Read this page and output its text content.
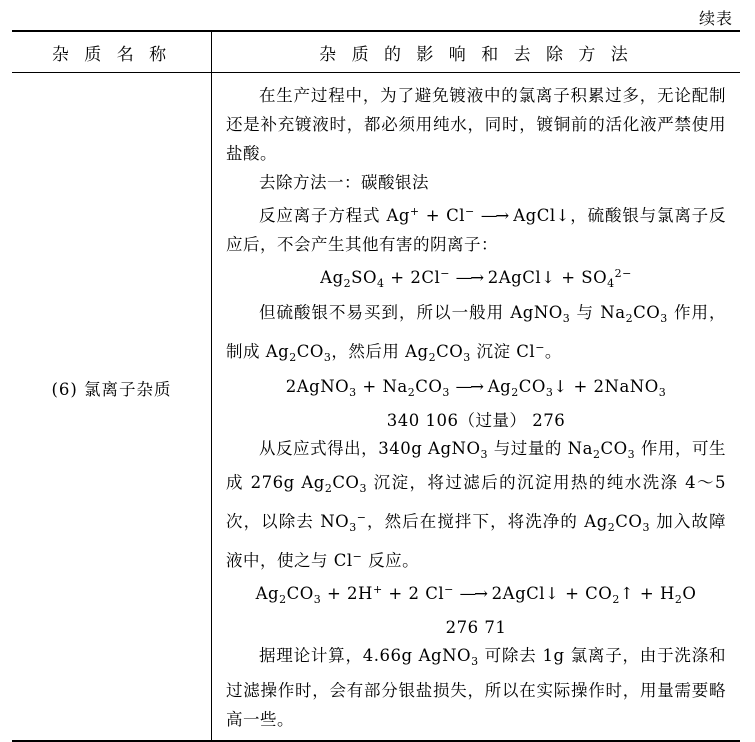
续表
杂 质 名 称	杂 质 的 影 响 和 去 除 方 法
(6) 氯离子杂质

在生产过程中，为了避免镀液中的氯离子积累过多，无论配制还是补充镀液时，都必须用纯水，同时，镀铜前的活化液严禁使用盐酸。

去除方法一：碳酸银法

反应离子方程式 Ag+ + Cl− —→ AgCl↓，硫酸银与氯离子反应后，不会产生其他有害的阴离子：

$Ag_2SO_4 + 2Cl^-$ —→ 2AgCl↓ + $SO_4^{2-}$

但硫酸银不易买到，所以一般用 AgNO$_3$ 与 $Na_2CO_3$ 作用，制成 $Ag_2CO_3$，然后用 $Ag_2CO_3$ 沉淀 Cl−。

2AgNO$_3$ + $Na_2CO_3$ —→ $Ag_2CO_3↓$ + 2NaNO$_3$

340 106（过量） 276

从反应式得出，340g AgNO$_3$ 与过量的 $Na_2CO_3$ 作用，可生成 276g $Ag_2CO_3$ 沉淀，将过滤后的沉淀用热的纯水洗涤 4～5 次，以除去 $NO_3^-$，然后在搅拌下，将洗净的 $Ag_2CO_3$ 加入故障液中，使之与 Cl− 反应。

$Ag_2CO_3 + 2H^+ + 2$ Cl− —→ 2AgCl↓ + $CO_2↑ + H_2O$

276 71

据理论计算，4.66g AgNO$_3$ 可除去 1g 氯离子，由于洗涤和过滤操作时，会有部分银盐损失，所以在实际操作时，用量需要略高一些。
